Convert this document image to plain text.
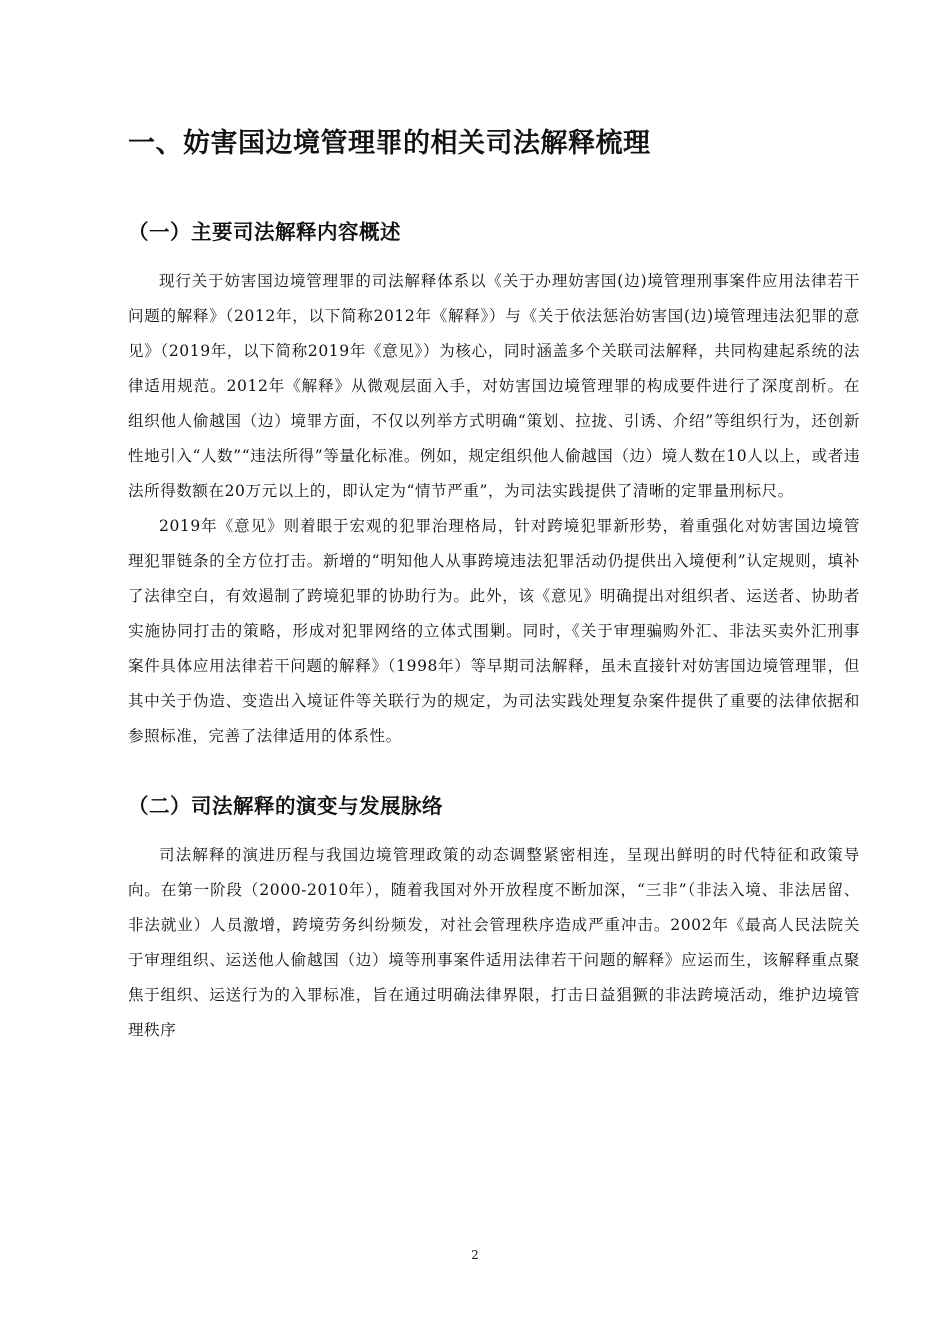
一、妨害国边境管理罪的相关司法解释梳理
（一）主要司法解释内容概述

现行关于妨害国边境管理罪的司法解释体系以《关于办理妨害国(边)境管理刑事案件应用法律若干问题的解释》（2012年，以下简称2012年《解释》）与《关于依法惩治妨害国(边)境管理违法犯罪的意见》（2019年，以下简称2019年《意见》）为核心，同时涵盖多个关联司法解释，共同构建起系统的法律适用规范。2012年《解释》从微观层面入手，对妨害国边境管理罪的构成要件进行了深度剖析。在组织他人偷越国（边）境罪方面，不仅以列举方式明确“策划、拉拢、引诱、介绍”等组织行为，还创新性地引入“人数”“违法所得”等量化标准。例如，规定组织他人偷越国（边）境人数在10人以上，或者违法所得数额在20万元以上的，即认定为“情节严重”，为司法实践提供了清晰的定罪量刑标尺。

2019年《意见》则着眼于宏观的犯罪治理格局，针对跨境犯罪新形势，着重强化对妨害国边境管理犯罪链条的全方位打击。新增的“明知他人从事跨境违法犯罪活动仍提供出入境便利”认定规则，填补了法律空白，有效遏制了跨境犯罪的协助行为。此外，该《意见》明确提出对组织者、运送者、协助者实施协同打击的策略，形成对犯罪网络的立体式围剿。同时，《关于审理骗购外汇、非法买卖外汇刑事案件具体应用法律若干问题的解释》（1998年）等早期司法解释，虽未直接针对妨害国边境管理罪，但其中关于伪造、变造出入境证件等关联行为的规定，为司法实践处理复杂案件提供了重要的法律依据和参照标准，完善了法律适用的体系性。

（二）司法解释的演变与发展脉络

司法解释的演进历程与我国边境管理政策的动态调整紧密相连，呈现出鲜明的时代特征和政策导向。在第一阶段（2000-2010年），随着我国对外开放程度不断加深，“三非”（非法入境、非法居留、非法就业）人员激增，跨境劳务纠纷频发，对社会管理秩序造成严重冲击。2002年《最高人民法院关于审理组织、运送他人偷越国（边）境等刑事案件适用法律若干问题的解释》应运而生，该解释重点聚焦于组织、运送行为的入罪标准，旨在通过明确法律界限，打击日益猖獗的非法跨境活动，维护边境管理秩序

2
